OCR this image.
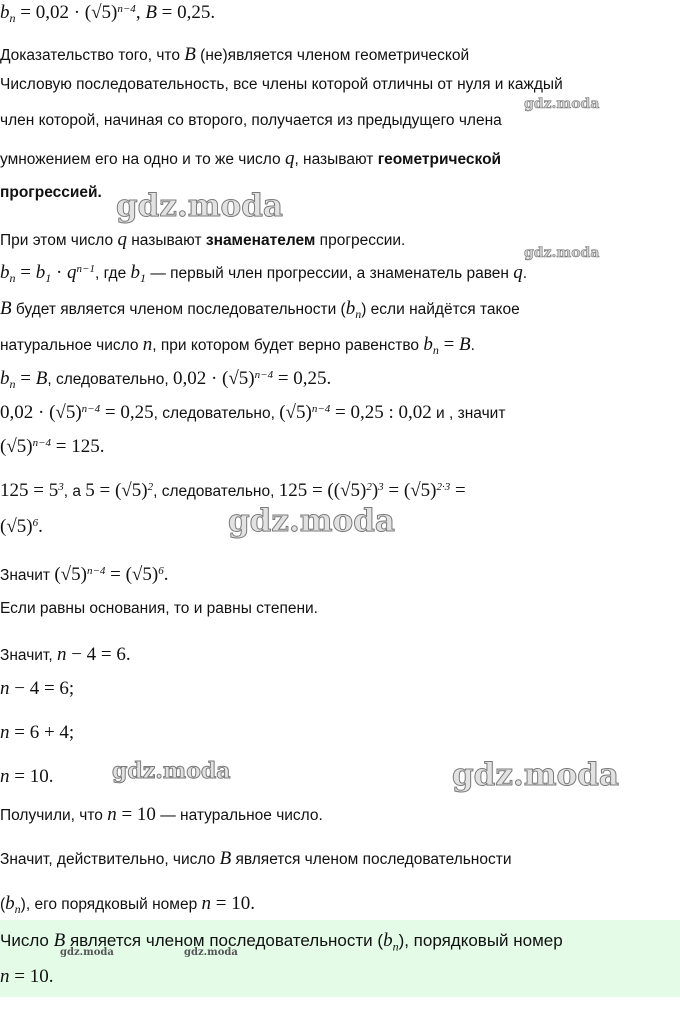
$b_n = 0,02 \cdot (√5)^{n-4}$, B = 0,25.
Доказательство того, что B (не)является членом геометрической
Числовую последовательность, все члены которой отличны от нуля и каждый
член которой, начиная со второго, получается из предыдущего члена
умножением его на одно и то же число q, называют геометрической
прогрессией.
При этом число q называют знаменателем прогрессии.
$b_n = b_1 \cdot q^{n-1}$, где $b_1$ — первый член прогрессии, а знаменатель равен q.
B будет является членом последовательности $(b_n)$ если найдётся такое
натуральное число n, при котором будет верно равенство $b_n = B$.
$b_n = B$, следовательно, $0,02 \cdot (√5)^{n-4} = 0,25$.
$0,02 \cdot (√5)^{n-4} = 0,25$, следовательно, $(√5)^{n-4} = 0,25$ : 0,02 и , значит
$(√5)^{n-4} = 125$.
$125 = 5^3$, а $5 = (√5)^2$, следовательно, $125 = ((√5)^2)^3 = (√5)^{2\cdot 3}$ =
$(√5)^6$.
Значит $(√5)^{n-4} = (√5)^6$.
Если равны основания, то и равны степени.
Значит, n − 4 = 6.
n − 4 = 6;
n = 6 + 4;
n = 10.
Получили, что n = 10 — натуральное число.
Значит, действительно, число B является членом последовательности
$(b_n)$, его порядковый номер n = 10.
Число B является членом последовательности $(b_n)$, порядковый номер
n = 10.
gdz.moda
gdz.moda
gdz.moda
gdz.moda
gdz.moda	gdz.moda
gdz.moda	gdz.moda
